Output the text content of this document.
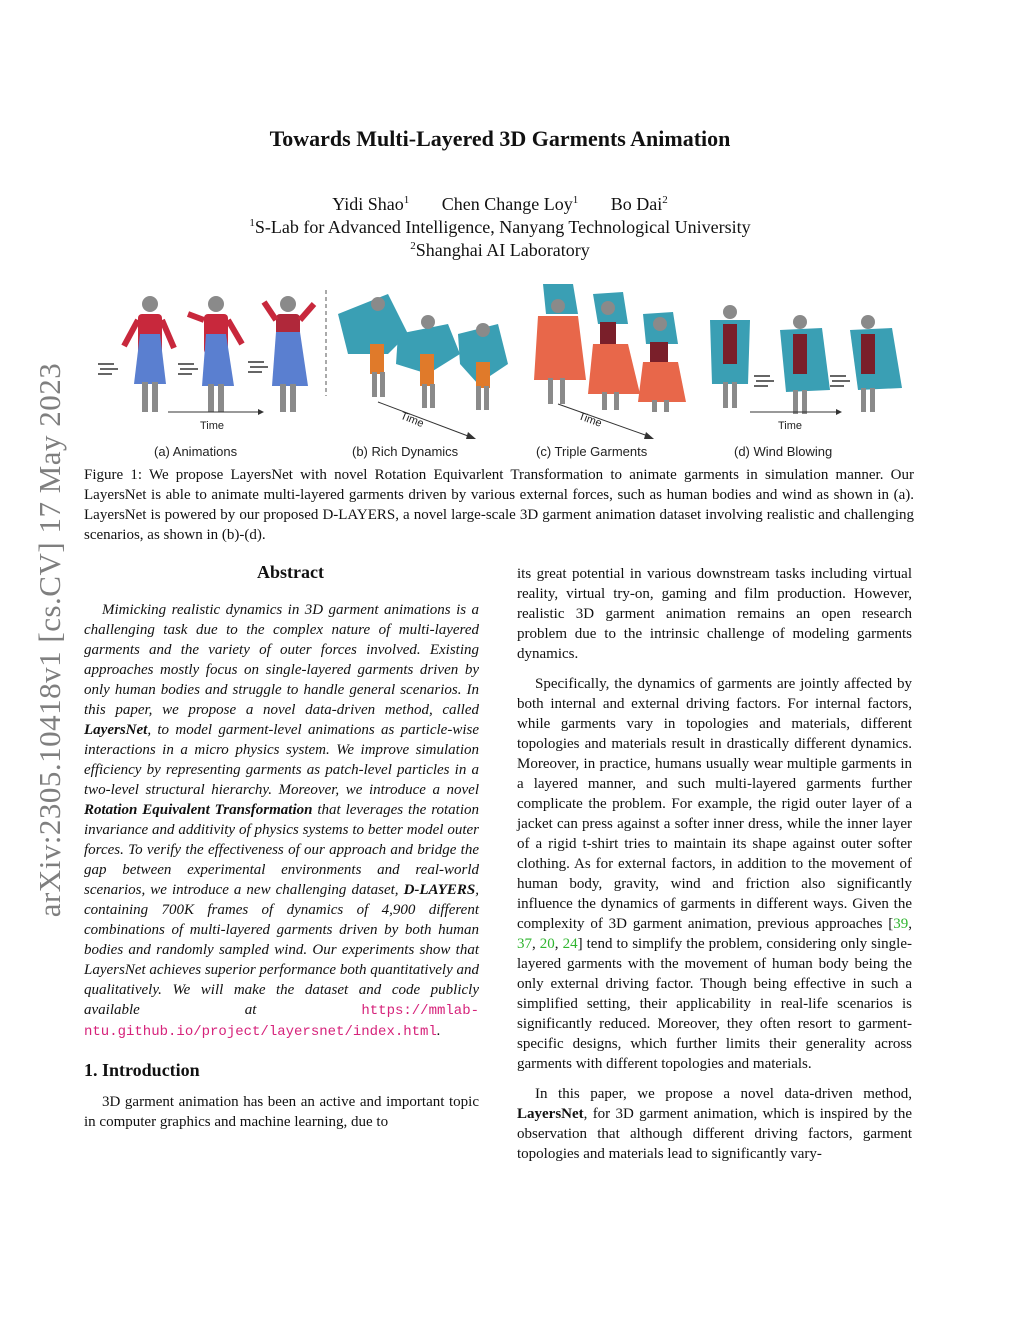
arXiv:2305.10418v1 [cs.CV] 17 May 2023
Towards Multi-Layered 3D Garments Animation
Yidi Shao$^1$ Chen Change Loy$^1$ Bo Dai$^2$
$^1$S-Lab for Advanced Intelligence, Nanyang Technological University
$^2$Shanghai AI Laboratory
Time	Time	Time	Time
(a) Animations	(b) Rich Dynamics	(c) Triple Garments	(d) Wind Blowing
Figure 1: We propose LayersNet with novel Rotation Equivarlent Transformation to animate garments in simulation manner. Our LayersNet is able to animate multi-layered garments driven by various external forces, such as human bodies and wind as shown in (a). LayersNet is powered by our proposed D-LAYERS, a novel large-scale 3D garment animation dataset involving realistic and challenging scenarios, as shown in (b)-(d).

Abstract

Mimicking realistic dynamics in 3D garment animations is a challenging task due to the complex nature of multi-layered garments and the variety of outer forces involved. Existing approaches mostly focus on single-layered garments driven by only human bodies and struggle to handle general scenarios. In this paper, we propose a novel data-driven method, called LayersNet, to model garment-level animations as particle-wise interactions in a micro physics system. We improve simulation efficiency by representing garments as patch-level particles in a two-level structural hierarchy. Moreover, we introduce a novel Rotation Equivalent Transformation that leverages the rotation invariance and additivity of physics systems to better model outer forces. To verify the effectiveness of our approach and bridge the gap between experimental environments and real-world scenarios, we introduce a new challenging dataset, D-LAYERS, containing 700K frames of dynamics of 4,900 different combinations of multi-layered garments driven by both human bodies and randomly sampled wind. Our experiments show that LayersNet achieves superior performance both quantitatively and qualitatively. We will make the dataset and code publicly available at https://mmlab-ntu.github.io/project/layersnet/index.html.

1. Introduction

3D garment animation has been an active and important topic in computer graphics and machine learning, due to

its great potential in various downstream tasks including virtual reality, virtual try-on, gaming and film production. However, realistic 3D garment animation remains an open research problem due to the intrinsic challenge of modeling garments dynamics.

Specifically, the dynamics of garments are jointly affected by both internal and external driving factors. For internal factors, while garments vary in topologies and materials, different topologies and materials result in drastically different dynamics. Moreover, in practice, humans usually wear multiple garments in a layered manner, and such multi-layered garments further complicate the problem. For example, the rigid outer layer of a jacket can press against a softer inner dress, while the inner layer of a rigid t-shirt tries to maintain its shape against outer softer clothing. As for external factors, in addition to the movement of human body, gravity, wind and friction also significantly influence the dynamics of garments in different ways. Given the complexity of 3D garment animation, previous approaches [39, 37, 20, 24] tend to simplify the problem, considering only single-layered garments with the movement of human body being the only external driving factor. Though being effective in such a simplified setting, their applicability in real-life scenarios is significantly reduced. Moreover, they often resort to garment-specific designs, which further limits their generality across garments with different topologies and materials.

In this paper, we propose a novel data-driven method, LayersNet, for 3D garment animation, which is inspired by the observation that although different driving factors, garment topologies and materials lead to significantly vary-
